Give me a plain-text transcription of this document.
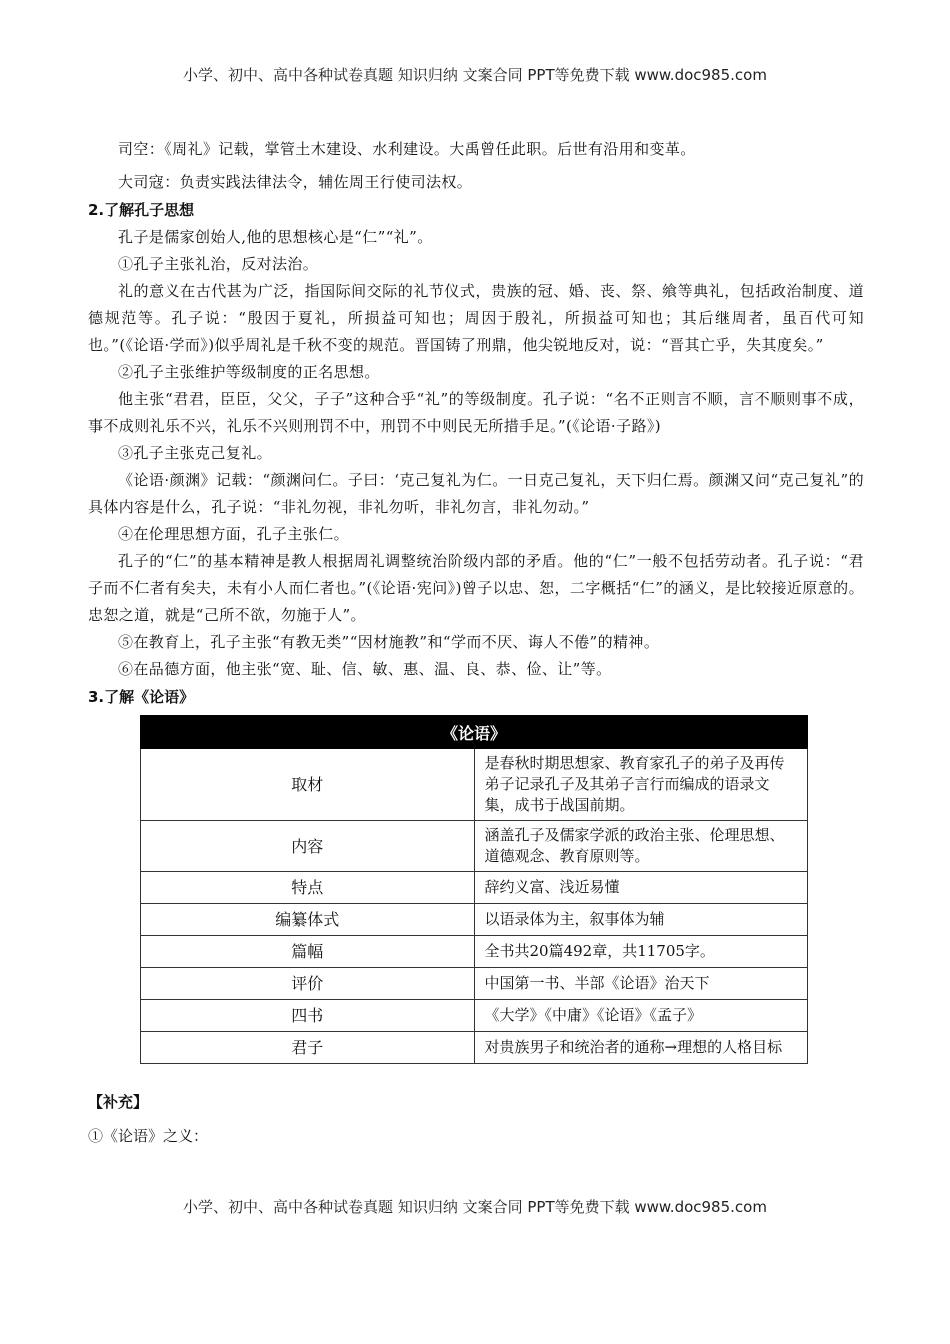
小学、初中、高中各种试卷真题 知识归纳 文案合同 PPT等免费下载 www.doc985.com

司空：《周礼》记载，掌管土木建设、水利建设。大禹曾任此职。后世有沿用和变革。

大司寇：负责实践法律法令，辅佐周王行使司法权。

2.了解孔子思想

孔子是儒家创始人,他的思想核心是“仁”“礼”。

①孔子主张礼治，反对法治。

礼的意义在古代甚为广泛，指国际间交际的礼节仪式，贵族的冠、婚、丧、祭、飨等典礼，包括政治制度、道德规范等。孔子说：“殷因于夏礼，所损益可知也；周因于殷礼，所损益可知也；其后继周者，虽百代可知也。”(《论语·学而》)似乎周礼是千秋不变的规范。晋国铸了刑鼎，他尖锐地反对，说：“晋其亡乎，失其度矣。”

②孔子主张维护等级制度的正名思想。

他主张“君君，臣臣，父父，子子”这种合乎“礼”的等级制度。孔子说：“名不正则言不顺，言不顺则事不成，事不成则礼乐不兴，礼乐不兴则刑罚不中，刑罚不中则民无所措手足。”(《论语·子路》)

③孔子主张克己复礼。

《论语·颜渊》记载：“颜渊问仁。子曰：‘克己复礼为仁。一日克己复礼，天下归仁焉。颜渊又问“克己复礼”的具体内容是什么，孔子说：“非礼勿视，非礼勿听，非礼勿言，非礼勿动。”

④在伦理思想方面，孔子主张仁。

孔子的“仁”的基本精神是教人根据周礼调整统治阶级内部的矛盾。他的“仁”一般不包括劳动者。孔子说：“君子而不仁者有矣夫，未有小人而仁者也。”(《论语·宪问》)曾子以忠、恕，二字概括“仁”的涵义，是比较接近原意的。忠恕之道，就是“己所不欲，勿施于人”。

⑤在教育上，孔子主张“有教无类”“因材施教”和“学而不厌、诲人不倦”的精神。

⑥在品德方面，他主张“宽、耻、信、敏、惠、温、良、恭、俭、让”等。

3.了解《论语》
《论语》	
取材	是春秋时期思想家、教育家孔子的弟子及再传弟子记录孔子及其弟子言行而编成的语录文集，成书于战国前期。
内容	涵盖孔子及儒家学派的政治主张、伦理思想、道德观念、教育原则等。
特点	辞约义富、浅近易懂
编纂体式	以语录体为主，叙事体为辅
篇幅	全书共20篇492章，共11705字。
评价	中国第一书、半部《论语》治天下
四书	《大学》《中庸》《论语》《孟子》
君子	对贵族男子和统治者的通称→理想的人格目标
【补充】
①《论语》之义：
小学、初中、高中各种试卷真题 知识归纳 文案合同 PPT等免费下载 www.doc985.com
